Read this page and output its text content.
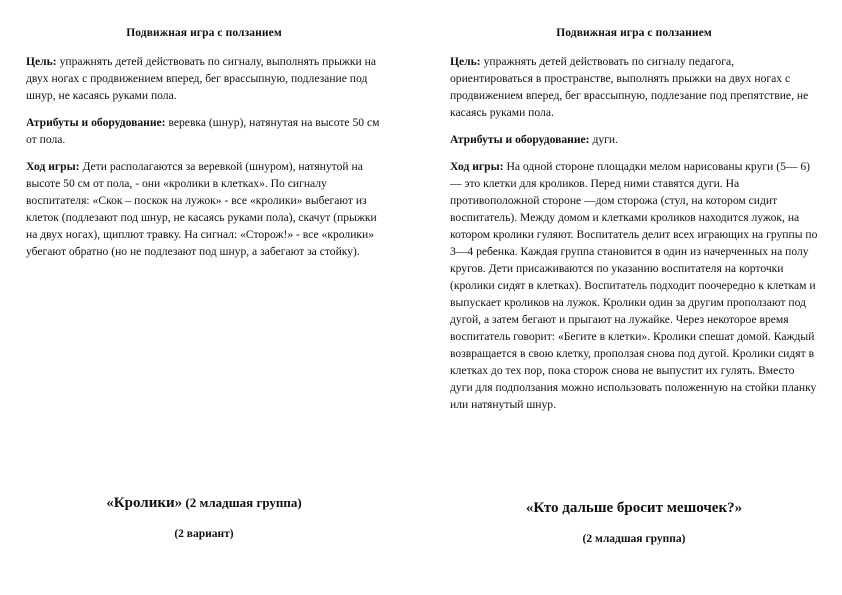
Подвижная игра с ползанием

Цель: упражнять детей действовать по сигналу, выполнять прыжки на двух ногах с продвижением вперед, бег врассыпную, подлезание под шнур, не касаясь руками пола.

Атрибуты и оборудование: веревка (шнур), натянутая на высоте 50 см от пола.

Ход игры: Дети располагаются за веревкой (шнуром), натянутой на высоте 50 см от пола, - они «кролики в клетках». По сигналу воспитателя: «Скок – поскок на лужок» - все «кролики» выбегают из клеток (подлезают под шнур, не касаясь руками пола), скачут (прыжки на двух ногах), щиплют травку. На сигнал: «Сторож!» - все «кролики» убегают обратно (но не подлезают под шнур, а забегают за стойку).

«Кролики» (2 младшая группа)
(2 вариант)
Подвижная игра с ползанием

Цель: упражнять детей действовать по сигналу педагога, ориентироваться в пространстве, выполнять прыжки на двух ногах с продвижением вперед, бег врассыпную, подлезание под препятствие, не касаясь руками пола.

Атрибуты и оборудование: дуги.

Ход игры: На одной стороне площадки мелом нарисованы круги (5— 6) — это клетки для кроликов. Перед ними ставятся дуги. На противоположной стороне —дом сторожа (стул, на котором сидит воспитатель). Между домом и клетками кроликов находится лужок, на котором кролики гуляют. Воспитатель делит всех играющих на группы по 3—4 ребенка. Каждая группа становится в один из начерченных на полу кругов. Дети присаживаются по указанию воспитателя на корточки (кролики сидят в клетках). Воспитатель подходит поочередно к клеткам и выпускает кроликов на лужок. Кролики один за другим проползают под дугой, а затем бегают и прыгают на лужайке. Через некоторое время воспитатель говорит: «Бегите в клетки». Кролики спешат домой. Каждый возвращается в свою клетку, проползая снова под дугой. Кролики сидят в клетках до тех пор, пока сторож снова не выпустит их гулять. Вместо дуги для подползания можно использовать положенную на стойки планку или натянутый шнур.

«Кто дальше бросит мешочек?»
(2 младшая группа)
